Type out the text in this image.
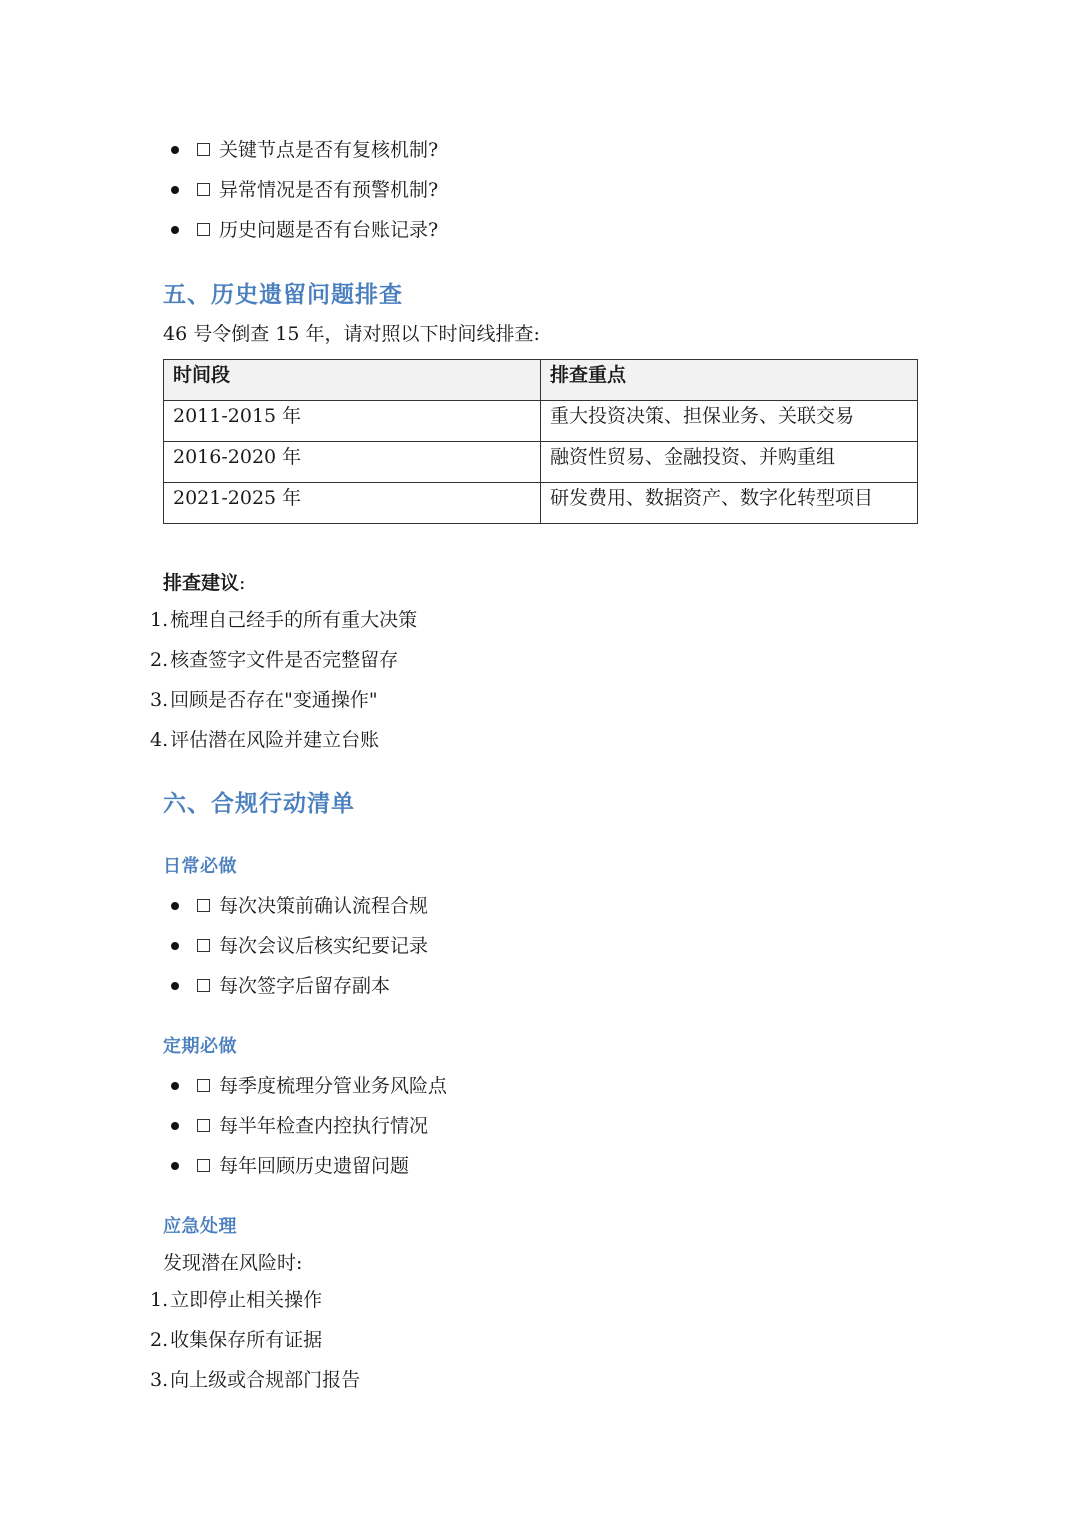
关键节点是否有复核机制?
异常情况是否有预警机制?
历史问题是否有台账记录?
五、历史遗留问题排查

46 号令倒查 15 年，请对照以下时间线排查:

时间段	排查重点
2011-2015 年	重大投资决策、担保业务、关联交易
2016-2020 年	融资性贸易、金融投资、并购重组
2021-2025 年	研发费用、数据资产、数字化转型项目

排查建议:

1. 梳理自己经手的所有重大决策
2. 核查签字文件是否完整留存
3. 回顾是否存在"变通操作"
4. 评估潜在风险并建立台账
六、合规行动清单
日常必做
每次决策前确认流程合规
每次会议后核实纪要记录
每次签字后留存副本
定期必做
每季度梳理分管业务风险点
每半年检查内控执行情况
每年回顾历史遗留问题
应急处理

发现潜在风险时:

1. 立即停止相关操作
2. 收集保存所有证据
3. 向上级或合规部门报告
